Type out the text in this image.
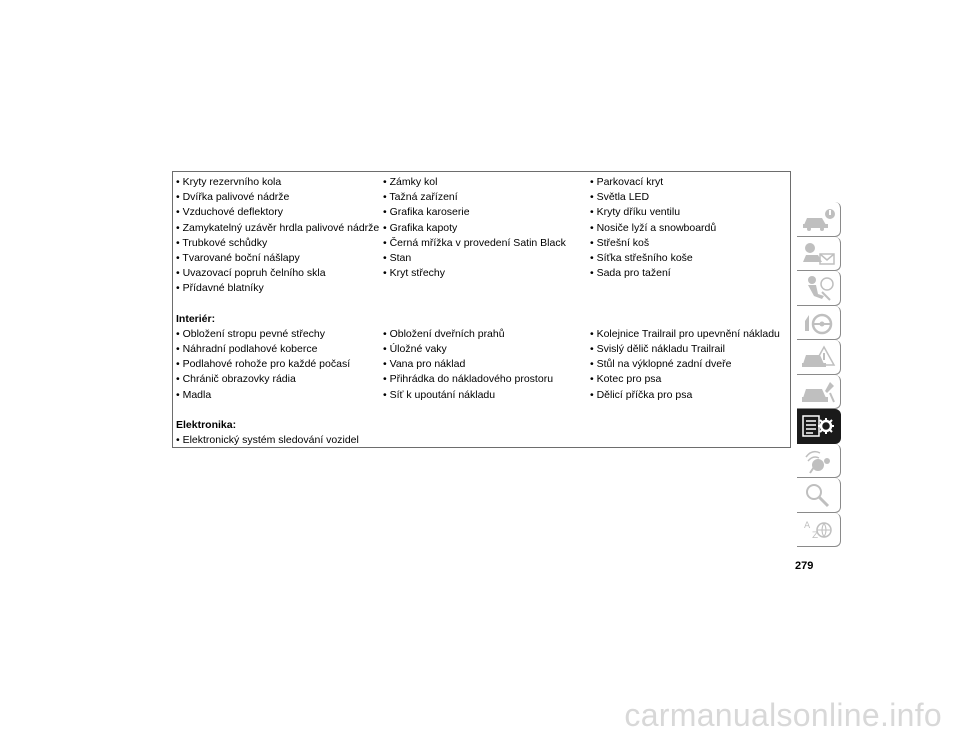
• Kryty rezervního kola	• Zámky kol	• Parkovací kryt
• Dvířka palivové nádrže	• Tažná zařízení	• Světla LED
• Vzduchové deflektory	• Grafika karoserie	• Kryty dříku ventilu
• Zamykatelný uzávěr hrdla palivové nádrže • Grafika kapoty	• Nosiče lyží a snowboardů
• Trubkové schůdky	• Černá mřížka v provedení Satin Black	• Střešní koš
• Tvarované boční nášlapy	• Stan	• Síťka střešního koše
• Uvazovací popruh čelního skla	• Kryt střechy	• Sada pro tažení
• Přídavné blatníky
Interiér:
• Obložení stropu pevné střechy	• Obložení dveřních prahů	• Kolejnice Trailrail pro upevnění nákladu
• Náhradní podlahové koberce	• Úložné vaky	• Svislý dělič nákladu Trailrail
• Podlahové rohože pro každé počasí	• Vana pro náklad	• Stůl na výklopné zadní dveře
• Chránič obrazovky rádia	• Přihrádka do nákladového prostoru	• Kotec pro psa
• Madla	• Síť k upoutání nákladu	• Dělicí příčka pro psa
Elektronika:
• Elektronický systém sledování vozidel
A
Z
279
carmanualsonline.info
